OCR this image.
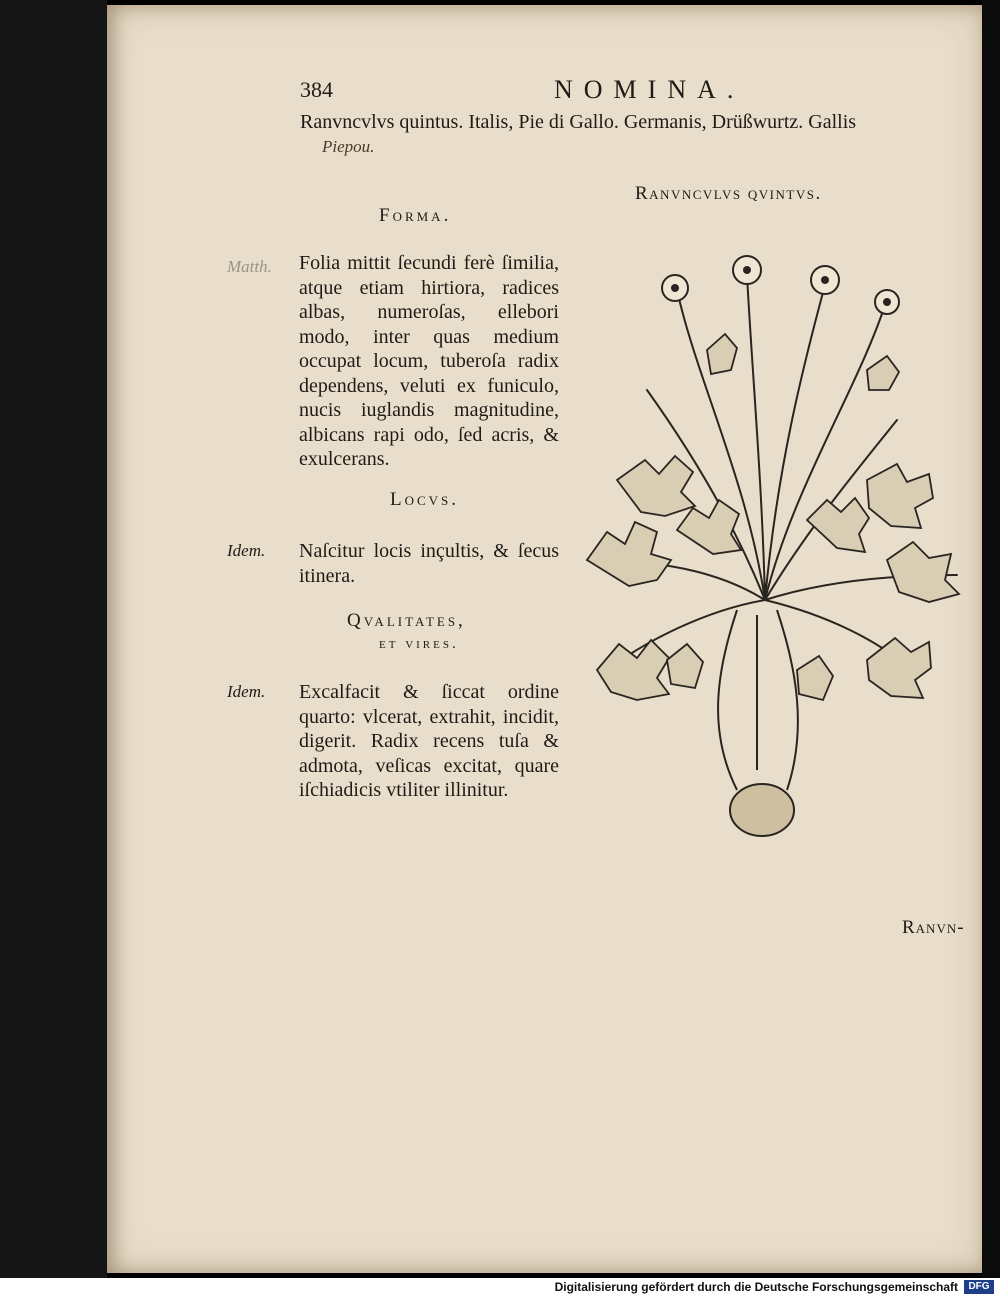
384	NOMINA.
Ranvncvlvs quintus. Italis, Pie di Gallo. Germanis, Drüßwurtz. Gallis
Piepou.
Ranvncvlvs qvintvs.
Forma.
Matth. Folia mittit ſecundi ferè ſimilia, atque etiam hirtiora, radices albas, numeroſas, ellebori modo, inter quas medium occupat locum, tuberoſa radix dependens, veluti ex funiculo, nucis iuglandis magnitudine, albicans rapi odo, ſed acris, & exulcerans.
Locvs.
Idem. Naſcitur locis inçultis, & ſecus itinera.
Qvalitates,
et vires.
Idem. Excalfacit & ſiccat ordine quarto: vlcerat, extrahit, incidit, digerit. Radix recens tuſa & admota, veſicas excitat, quare iſchiadicis vtiliter illinitur.
Ranvn-
Digitalisierung gefördert durch die Deutsche Forschungsgemeinschaft	DFG
